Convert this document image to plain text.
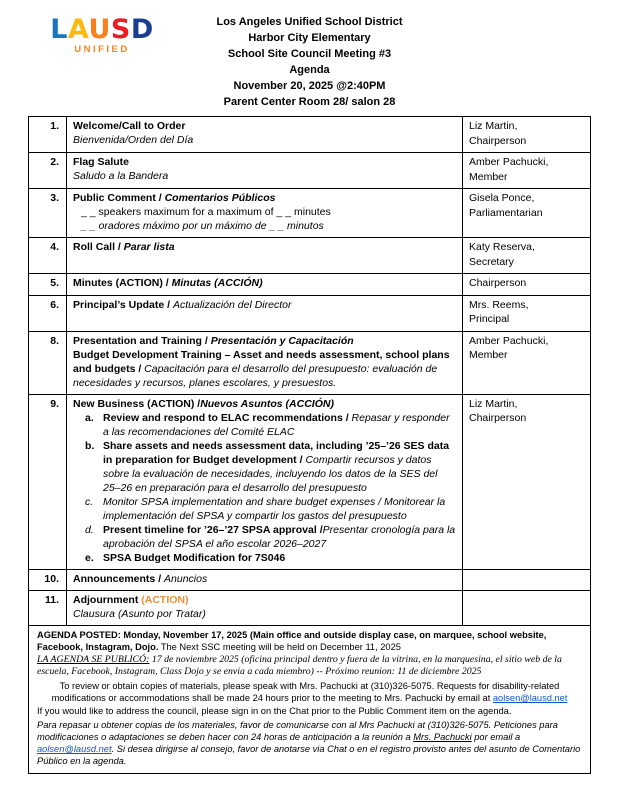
LAUSD
UNIFIED
Los Angeles Unified School District
Harbor City Elementary
School Site Council Meeting #3
Agenda
November 20, 2025 @2:40PM
Parent Center Room 28/ salon 28
1.	Welcome/Call to Order
Bienvenida/Orden del Día

Liz Martin,
Chairperson

2.	Flag Salute
Saludo a la Bandera

Amber Pachucki,
Member

3.	Public Comment / Comentarios Públicos
_ _ speakers maximum for a maximum of _ _ minutes
_ _ oradores máximo por un máximo de _ _ minutos

Gisela Ponce,
Parliamentarian

4.	Roll Call / Parar lista	Katy Reserva,
Secretary

5.	Minutes (ACTION) / Minutas (ACCIÓN)	Chairperson

6.	Principal’s Update / Actualización del Director	Mrs. Reems,
Principal

8.	Presentation and Training / Presentación y Capacitación
Budget Development Training – Asset and needs assessment, school plans and budgets / Capacitación para el desarrollo del presupuesto: evaluación de necesidades y recursos, planes escolares, y presuestos.

Amber Pachucki,
Member

9.	New Business (ACTION) /Nuevos Asuntos (ACCIÓN)
a. Review and respond to ELAC recommendations / Repasar y responder a las recomendaciones del Comité ELAC
b. Share assets and needs assessment data, including ’25–’26 SES data in preparation for Budget development / Compartir recursos y datos sobre la evaluación de necesidades, incluyendo los datos de la SES del 25–26 en preparación para el desarrollo del presupuesto
c. Monitor SPSA implementation and share budget expenses / Monitorear la implementación del SPSA y compartir los gastos del presupuesto
d. Present timeline for ’26–’27 SPSA approval /Presentar cronología para la aprobación del SPSA el año escolar 2026–2027
e. SPSA Budget Modification for 7S046

Liz Martin,
Chairperson

10.	Announcements / Anuncios	

11.	Adjournment (ACTION)
Clausura (Asunto por Tratar)	

AGENDA POSTED: Monday, November 17, 2025 (Main office and outside display case, on marquee, school website, Facebook, Instagram, Dojo. The Next SSC meeting will be held on December 11, 2025
LA AGENDA SE PUBLICÓ: 17 de noviembre 2025 (oficina principal dentro y fuera de la vitrina, en la marquesina, el sitio web de la escuela, Facebook, Instagram, Class Dojo y se envia a cada miembro) -- Próximo reunion: 11 de diciembre 2025
To review or obtain copies of materials, please speak with Mrs. Pachucki at (310)326-5075. Requests for disability-related modifications or accommodations shall be made 24 hours prior to the meeting to Mrs. Pachucki by email at aolsen@lausd.net
If you would like to address the council, please sign in on the Chat prior to the Public Comment item on the agenda.
Para repasar u obtener copias de los materiales, favor de comunicarse con al Mrs Pachucki at (310)326-5075. Peticiones para modificaciones o adaptaciones se deben hacer con 24 horas de anticipación a la reunión a Mrs. Pachucki por email a aolsen@lausd.net. Si desea dirigirse al consejo, favor de anotarse via Chat o en el registro provisto antes del asunto de Comentario Público en la agenda.		
